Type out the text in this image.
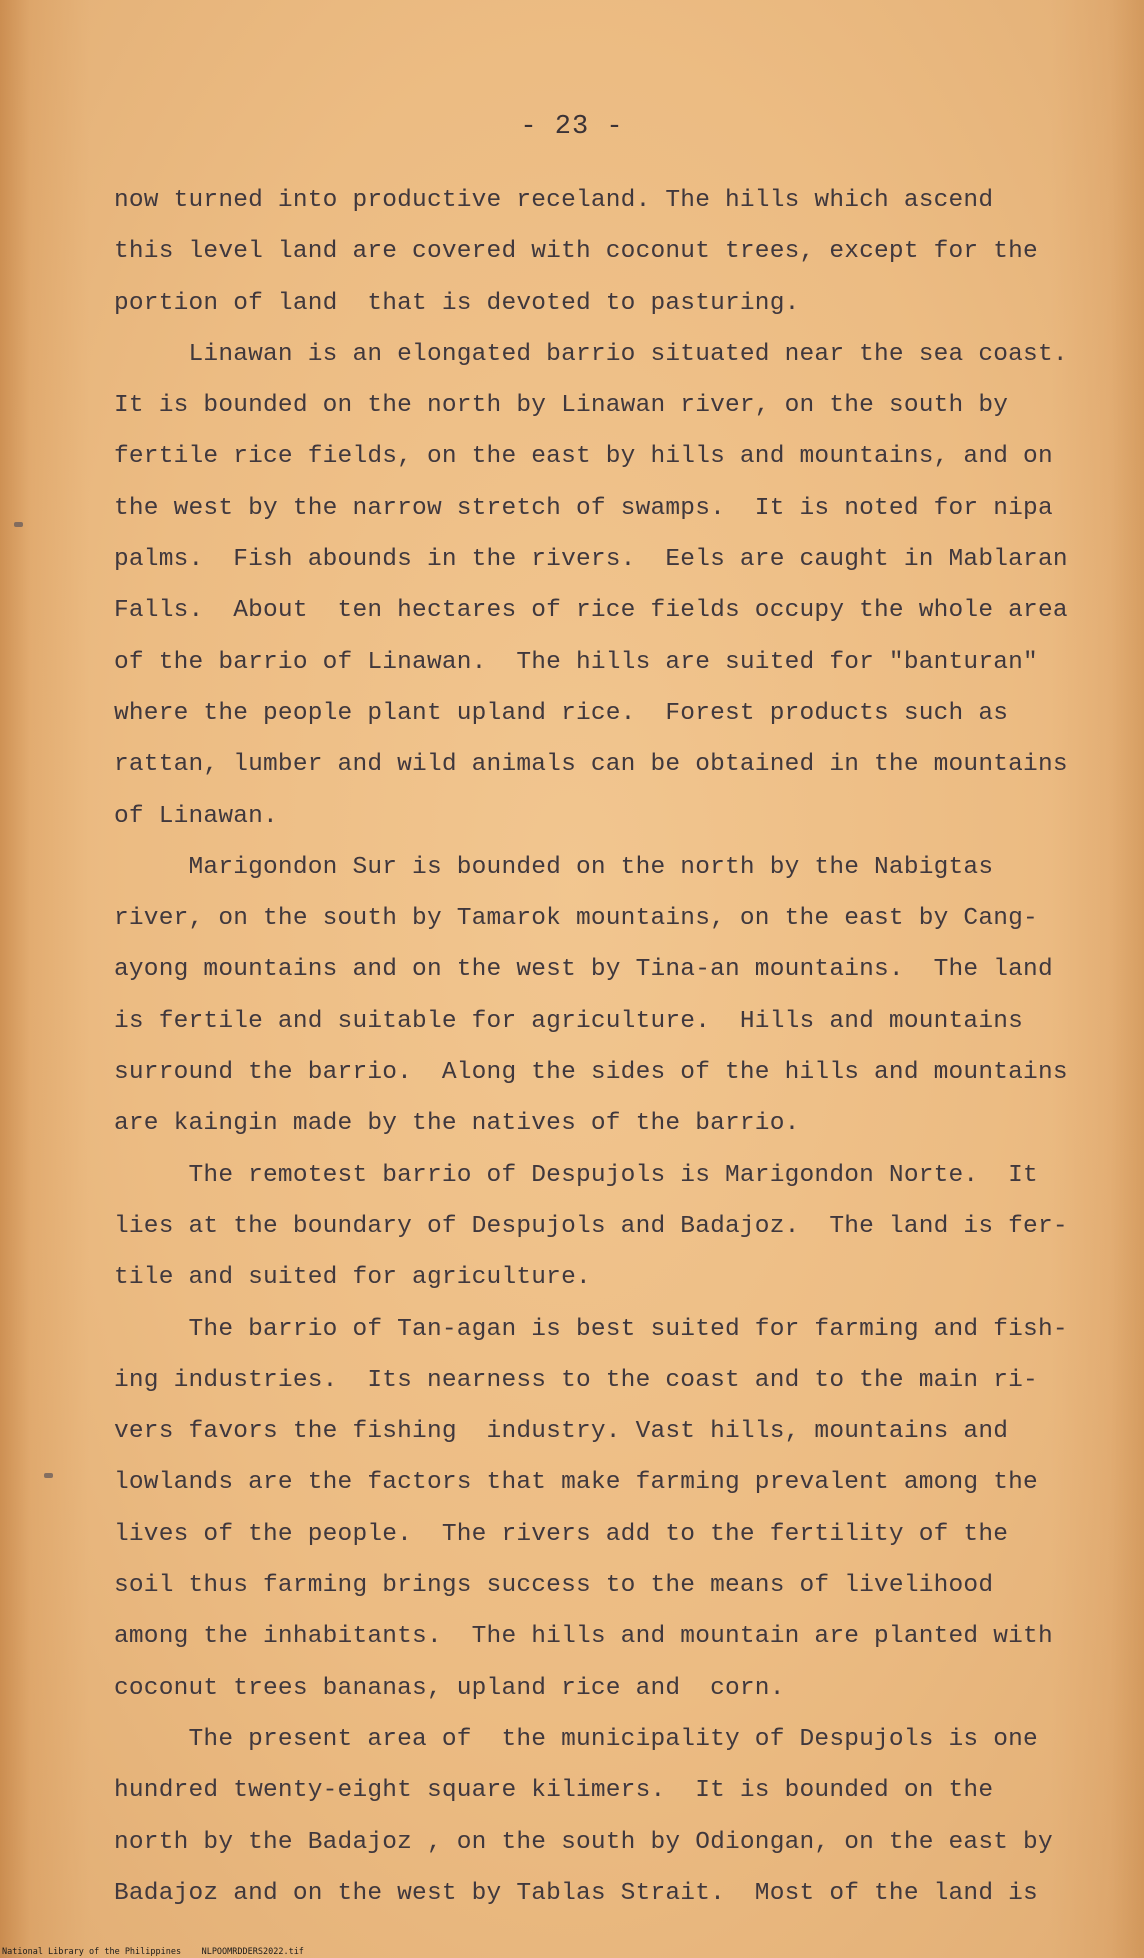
- 23 -
now turned into productive receland. The hills which ascend
this level land are covered with coconut trees, except for the
portion of land  that is devoted to pasturing.
Linawan is an elongated barrio situated near the sea coast.
It is bounded on the north by Linawan river, on the south by
fertile rice fields, on the east by hills and mountains, and on
the west by the narrow stretch of swamps.  It is noted for nipa
palms.  Fish abounds in the rivers.  Eels are caught in Mablaran
Falls.  About  ten hectares of rice fields occupy the whole area
of the barrio of Linawan.  The hills are suited for "banturan"
where the people plant upland rice.  Forest products such as
rattan, lumber and wild animals can be obtained in the mountains
of Linawan.
Marigondon Sur is bounded on the north by the Nabigtas
river, on the south by Tamarok mountains, on the east by Cang-
ayong mountains and on the west by Tina-an mountains.  The land
is fertile and suitable for agriculture.  Hills and mountains
surround the barrio.  Along the sides of the hills and mountains
are kaingin made by the natives of the barrio.
The remotest barrio of Despujols is Marigondon Norte.  It
lies at the boundary of Despujols and Badajoz.  The land is fer-
tile and suited for agriculture.
The barrio of Tan-agan is best suited for farming and fish-
ing industries.  Its nearness to the coast and to the main ri-
vers favors the fishing  industry. Vast hills, mountains and
lowlands are the factors that make farming prevalent among the
lives of the people.  The rivers add to the fertility of the
soil thus farming brings success to the means of livelihood
among the inhabitants.  The hills and mountain are planted with
coconut trees bananas, upland rice and  corn.
The present area of  the municipality of Despujols is one
hundred twenty-eight square kilimers.  It is bounded on the
north by the Badajoz , on the south by Odiongan, on the east by
Badajoz and on the west by Tablas Strait.  Most of the land is
National Library of the Philippines    NLPOOMRDDERS2022.tif
